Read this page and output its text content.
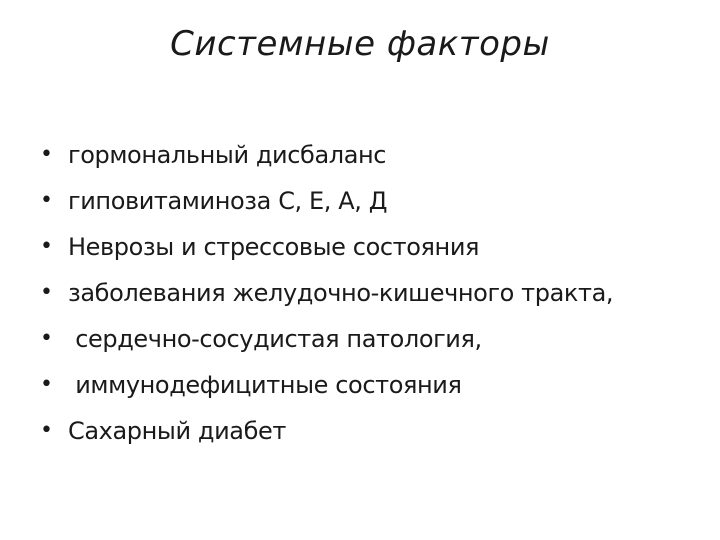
Системные факторы
• гормональный дисбаланс
• гиповитаминоза С, Е, А, Д
• Неврозы и стрессовые состояния
• заболевания желудочно-кишечного тракта,
• сердечно-сосудистая патология,
• иммунодефицитные состояния
• Сахарный диабет
